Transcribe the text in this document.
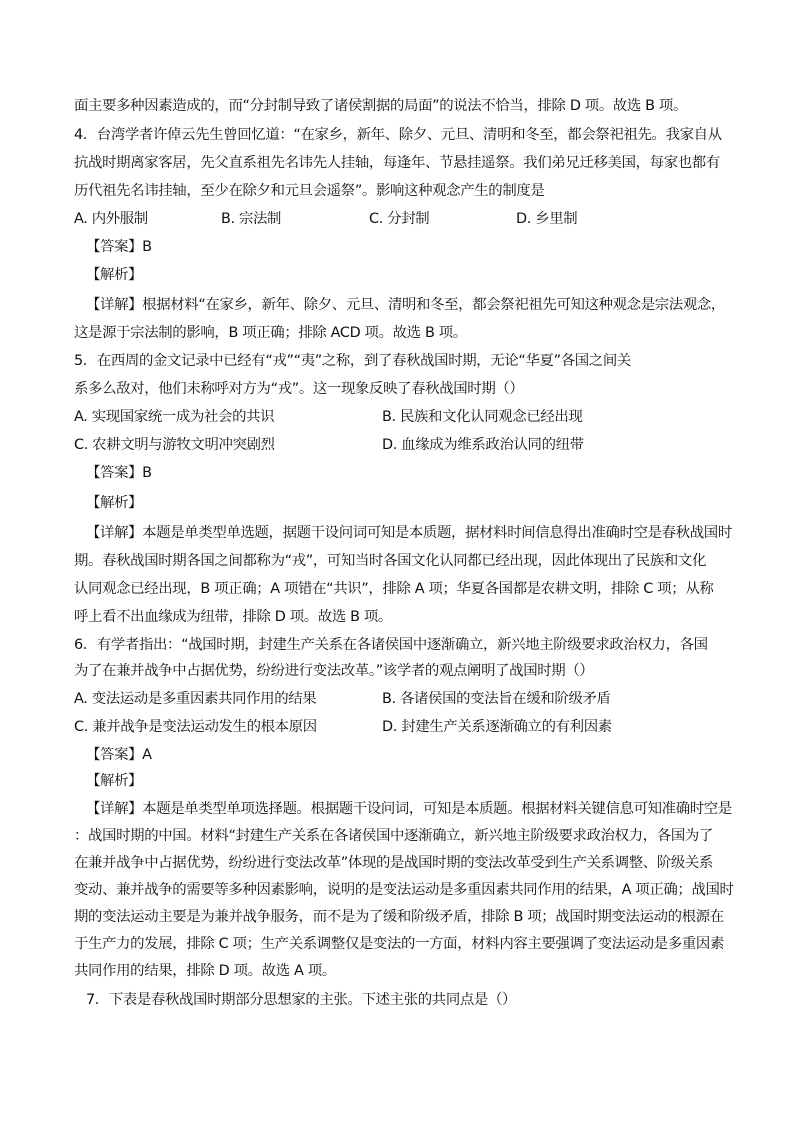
面主要多种因素造成的，而“分封制导致了诸侯割据的局面”的说法不恰当，排除 D 项。故选 B 项。
4．台湾学者许倬云先生曾回忆道：“在家乡，新年、除夕、元旦、清明和冬至，都会祭祀祖先。我家自从
抗战时期离家客居，先父直系祖先名讳先人挂轴，每逢年、节悬挂遥祭。我们弟兄迁移美国，每家也都有
历代祖先名讳挂轴，至少在除夕和元旦会遥祭”。影响这种观念产生的制度是
A. 内外服制	B. 宗法制	C. 分封制	D. 乡里制
【答案】B
【解析】
【详解】根据材料“在家乡，新年、除夕、元旦、清明和冬至，都会祭祀祖先可知这种观念是宗法观念，
这是源于宗法制的影响，B 项正确；排除 ACD 项。故选 B 项。
5．在西周的金文记录中已经有“戎”“夷”之称，到了春秋战国时期，无论“华夏”各国之间关
系多么敌对，他们未称呼对方为“戎”。这一现象反映了春秋战国时期（）
A. 实现国家统一成为社会的共识	B. 民族和文化认同观念已经出现
C. 农耕文明与游牧文明冲突剧烈	D. 血缘成为维系政治认同的纽带
【答案】B
【解析】
【详解】本题是单类型单选题，据题干设问词可知是本质题，据材料时间信息得出准确时空是春秋战国时
期。春秋战国时期各国之间都称为“戎”，可知当时各国文化认同都已经出现，因此体现出了民族和文化
认同观念已经出现，B 项正确；A 项错在“共识”，排除 A 项；华夏各国都是农耕文明，排除 C 项；从称
呼上看不出血缘成为纽带，排除 D 项。故选 B 项。
6．有学者指出：“战国时期，封建生产关系在各诸侯国中逐渐确立，新兴地主阶级要求政治权力，各国
为了在兼并战争中占据优势，纷纷进行变法改革。”该学者的观点阐明了战国时期（）
A. 变法运动是多重因素共同作用的结果	B. 各诸侯国的变法旨在缓和阶级矛盾
C. 兼并战争是变法运动发生的根本原因	D. 封建生产关系逐渐确立的有利因素
【答案】A
【解析】
【详解】本题是单类型单项选择题。根据题干设问词，可知是本质题。根据材料关键信息可知准确时空是
：战国时期的中国。材料“封建生产关系在各诸侯国中逐渐确立，新兴地主阶级要求政治权力，各国为了
在兼并战争中占据优势，纷纷进行变法改革”体现的是战国时期的变法改革受到生产关系调整、阶级关系
变动、兼并战争的需要等多种因素影响，说明的是变法运动是多重因素共同作用的结果，A 项正确；战国时
期的变法运动主要是为兼并战争服务，而不是为了缓和阶级矛盾，排除 B 项；战国时期变法运动的根源在
于生产力的发展，排除 C 项；生产关系调整仅是变法的一方面，材料内容主要强调了变法运动是多重因素
共同作用的结果，排除 D 项。故选 A 项。
7．下表是春秋战国时期部分思想家的主张。下述主张的共同点是（）
